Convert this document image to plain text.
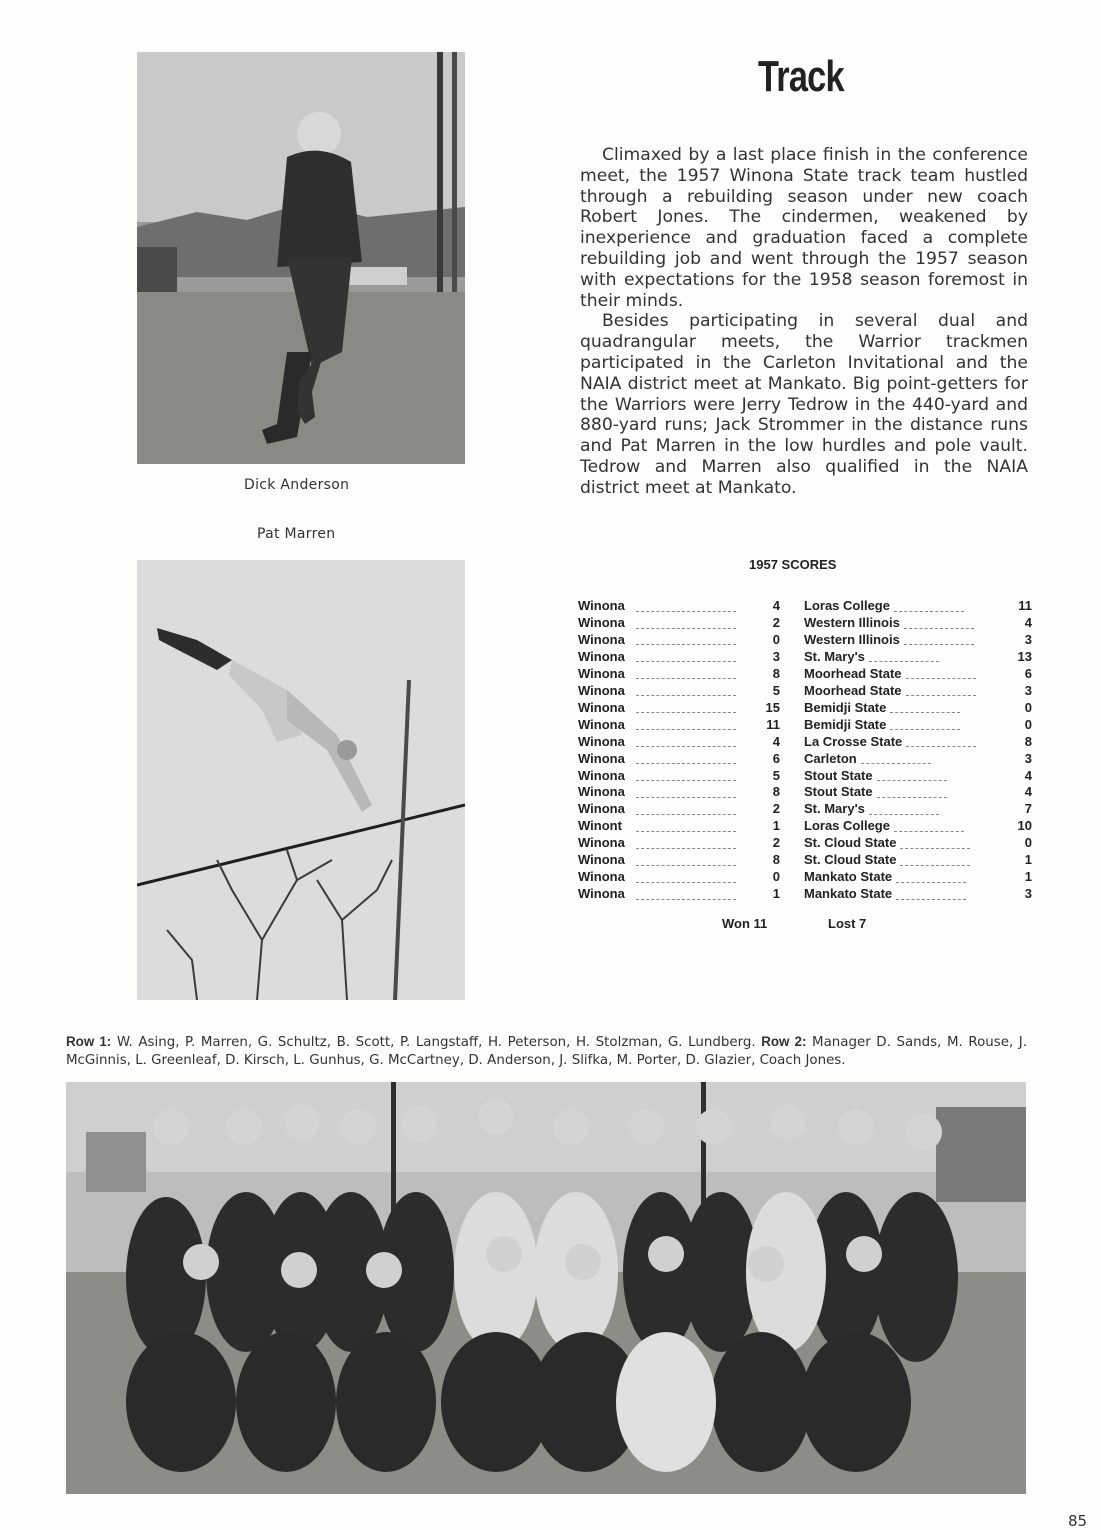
Dick Anderson
Pat Marren
Track

Climaxed by a last place finish in the conference meet, the 1957 Winona State track team hustled through a rebuilding season under new coach Robert Jones. The cindermen, weakened by inexperience and graduation faced a complete rebuilding job and went through the 1957 season with expectations for the 1958 season foremost in their minds.

Besides participating in several dual and quadrangular meets, the Warrior trackmen participated in the Carleton Invitational and the NAIA district meet at Mankato. Big point-getters for the Warriors were Jerry Tedrow in the 440-yard and 880-yard runs; Jack Strommer in the distance runs and Pat Marren in the low hurdles and pole vault. Tedrow and Marren also qualified in the NAIA district meet at Mankato.

1957 SCORES
Winona		4		Loras College	11
Winona		2		Western Illinois	4
Winona		0		Western Illinois	3
Winona		3		St. Mary's	13
Winona		8		Moorhead State	6
Winona		5		Moorhead State	3
Winona		15		Bemidji State	0
Winona		11		Bemidji State	0
Winona		4		La Crosse State	8
Winona		6		Carleton	3
Winona		5		Stout State	4
Winona		8		Stout State	4
Winona		2		St. Mary's	7
Winont		1		Loras College	10
Winona		2		St. Cloud State	0
Winona		8		St. Cloud State	1
Winona		0		Mankato State	1
Winona		1		Mankato State	3
Won 11	Lost 7
Row 1: W. Asing, P. Marren, G. Schultz, B. Scott, P. Langstaff, H. Peterson, H. Stolzman, G. Lundberg. Row 2: Manager D. Sands, M. Rouse, J. McGinnis, L. Greenleaf, D. Kirsch, L. Gunhus, G. McCartney, D. Anderson, J. Slifka, M. Porter, D. Glazier, Coach Jones.
85
